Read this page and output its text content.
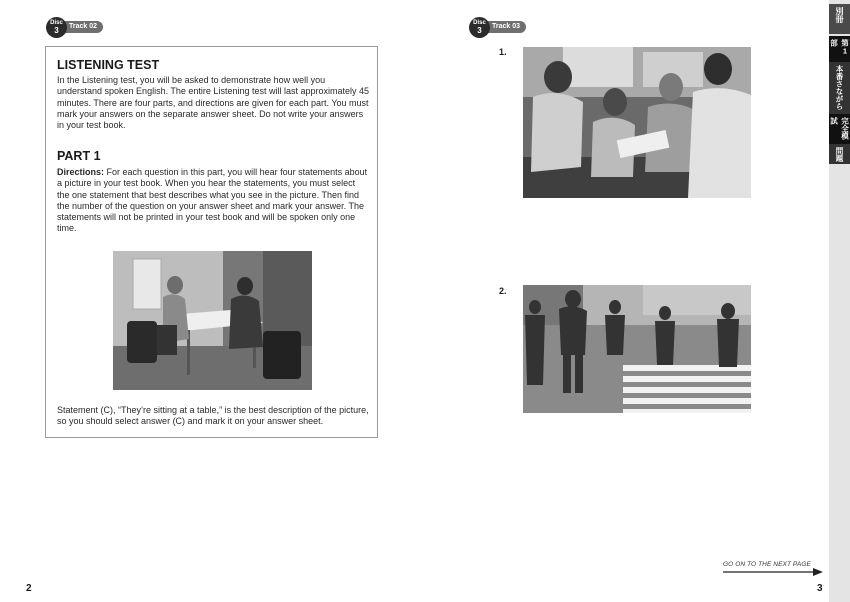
Disc
3	Track 02
LISTENING TEST
In the Listening test, you will be asked to demonstrate how well you understand spoken English. The entire Listening test will last approximately 45 minutes. There are four parts, and directions are given for each part. You must mark your answers on the separate answer sheet. Do not write your answers in your test book.
PART 1
Directions: For each question in this part, you will hear four statements about a picture in your test book. When you hear the statements, you must select the one statement that best describes what you see in the picture. Then find the number of the question on your answer sheet and mark your answer. The statements will not be printed in your test book and will be spoken only one time.
Statement (C), “They’re sitting at a table,” is the best description of the picture, so you should select answer (C) and mark it on your answer sheet.
2
Disc
3	Track 03
1.
2.
GO ON TO THE NEXT PAGE
3
別冊
第1部
本番さながら
完全模試
問題
